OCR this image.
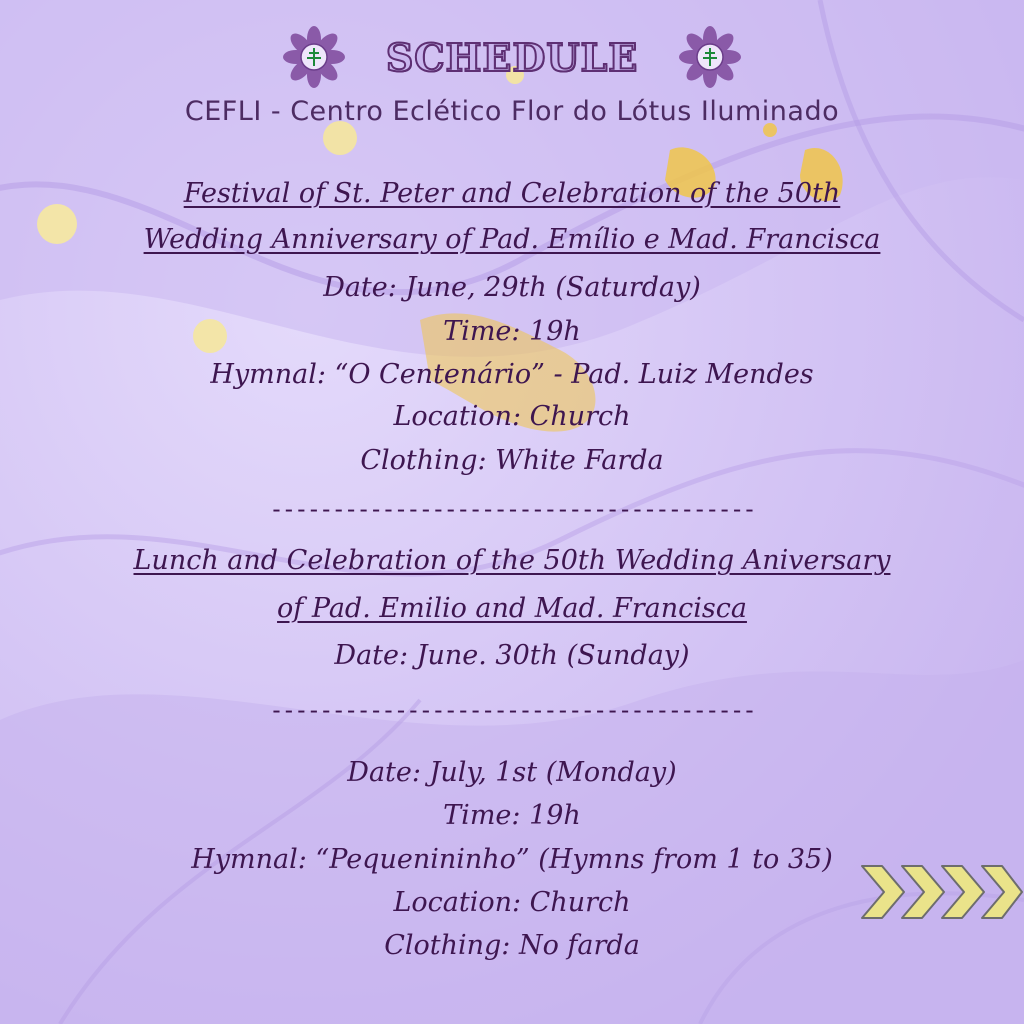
SCHEDULE
CEFLI - Centro Eclético Flor do Lótus Iluminado
Festival of St. Peter and Celebration of the 50th
Wedding Anniversary of Pad. Emílio e Mad. Francisca
Date: June, 29th (Saturday)
Time: 19h
Hymnal: “O Centenário” - Pad. Luiz Mendes
Location: Church
Clothing: White Farda
---------------------------------------
Lunch and Celebration of the 50th Wedding Aniversary
of Pad. Emilio and Mad. Francisca
Date: June. 30th (Sunday)
---------------------------------------
Date: July, 1st (Monday)
Time: 19h
Hymnal: “Pequenininho” (Hymns from 1 to 35)
Location: Church
Clothing: No farda
